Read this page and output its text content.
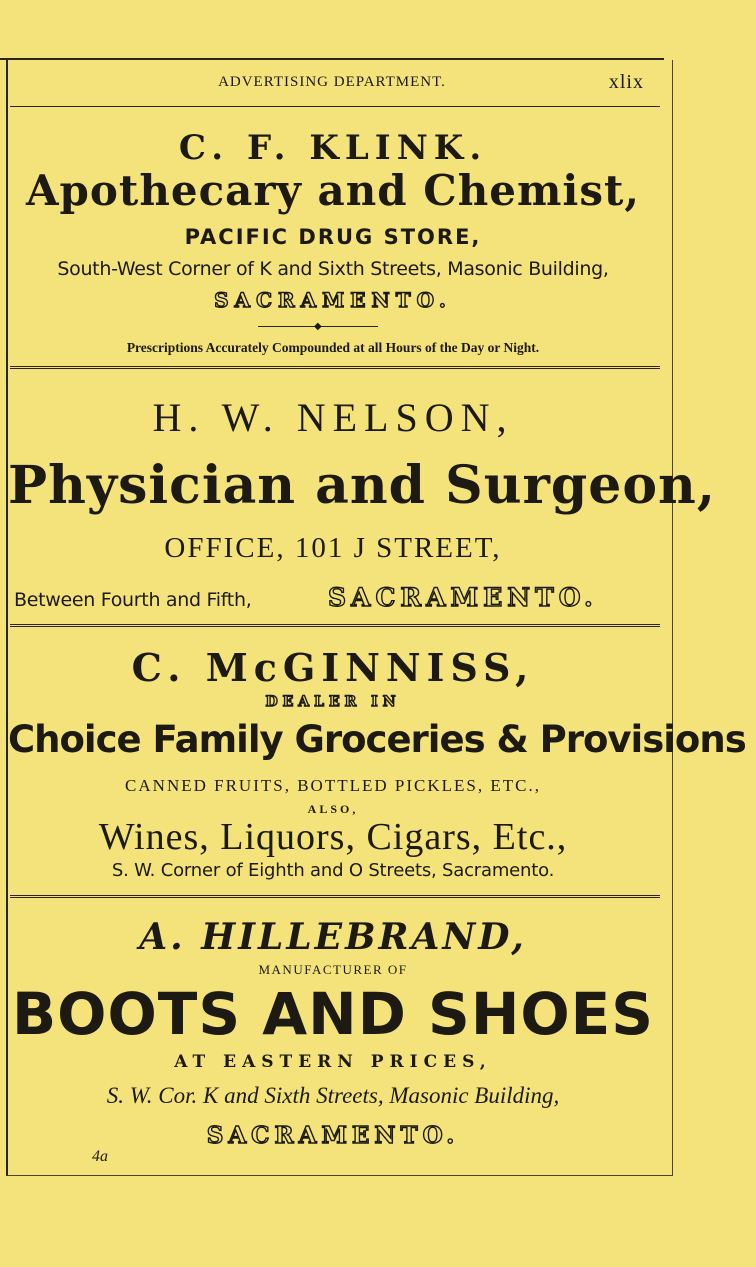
ADVERTISING DEPARTMENT.	xlix
C. F. KLINK.
Apothecary and Chemist,
PACIFIC DRUG STORE,
South-West Corner of K and Sixth Streets, Masonic Building,
SACRAMENTO.
◆
Prescriptions Accurately Compounded at all Hours of the Day or Night.
H. W. NELSON,
Physician and Surgeon,
OFFICE, 101 J STREET,
Between Fourth and Fifth,	SACRAMENTO.
C. McGINNISS,
DEALER IN
Choice Family Groceries & Provisions
CANNED FRUITS, BOTTLED PICKLES, ETC.,
ALSO,
Wines, Liquors, Cigars, Etc.,
S. W. Corner of Eighth and O Streets, Sacramento.
A. HILLEBRAND,
MANUFACTURER OF
BOOTS AND SHOES
AT EASTERN PRICES,
S. W. Cor. K and Sixth Streets, Masonic Building,
SACRAMENTO.
4a
